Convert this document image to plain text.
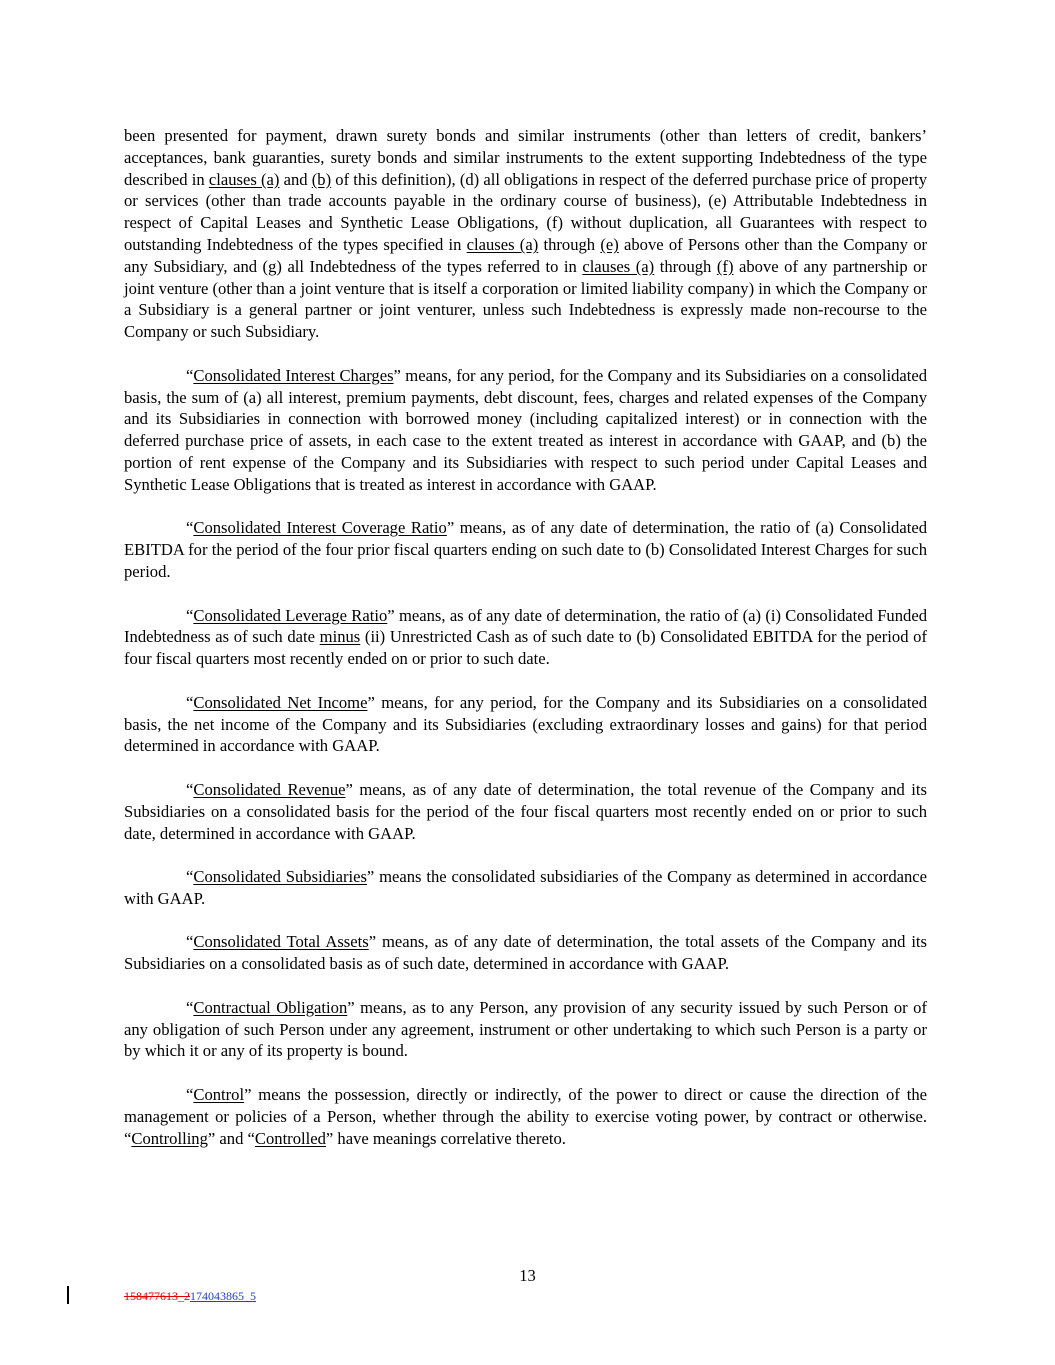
been presented for payment, drawn surety bonds and similar instruments (other than letters of credit, bankers’ acceptances, bank guaranties, surety bonds and similar instruments to the extent supporting Indebtedness of the type described in clauses (a) and (b) of this definition), (d) all obligations in respect of the deferred purchase price of property or services (other than trade accounts payable in the ordinary course of business), (e) Attributable Indebtedness in respect of Capital Leases and Synthetic Lease Obligations, (f) without duplication, all Guarantees with respect to outstanding Indebtedness of the types specified in clauses (a) through (e) above of Persons other than the Company or any Subsidiary, and (g) all Indebtedness of the types referred to in clauses (a) through (f) above of any partnership or joint venture (other than a joint venture that is itself a corporation or limited liability company) in which the Company or a Subsidiary is a general partner or joint venturer, unless such Indebtedness is expressly made non-recourse to the Company or such Subsidiary.

“Consolidated Interest Charges” means, for any period, for the Company and its Subsidiaries on a consolidated basis, the sum of (a) all interest, premium payments, debt discount, fees, charges and related expenses of the Company and its Subsidiaries in connection with borrowed money (including capitalized interest) or in connection with the deferred purchase price of assets, in each case to the extent treated as interest in accordance with GAAP, and (b) the portion of rent expense of the Company and its Subsidiaries with respect to such period under Capital Leases and Synthetic Lease Obligations that is treated as interest in accordance with GAAP.

“Consolidated Interest Coverage Ratio” means, as of any date of determination, the ratio of (a) Consolidated EBITDA for the period of the four prior fiscal quarters ending on such date to (b) Consolidated Interest Charges for such period.

“Consolidated Leverage Ratio” means, as of any date of determination, the ratio of (a) (i) Consolidated Funded Indebtedness as of such date minus (ii) Unrestricted Cash as of such date to (b) Consolidated EBITDA for the period of four fiscal quarters most recently ended on or prior to such date.

“Consolidated Net Income” means, for any period, for the Company and its Subsidiaries on a consolidated basis, the net income of the Company and its Subsidiaries (excluding extraordinary losses and gains) for that period determined in accordance with GAAP.

“Consolidated Revenue” means, as of any date of determination, the total revenue of the Company and its Subsidiaries on a consolidated basis for the period of the four fiscal quarters most recently ended on or prior to such date, determined in accordance with GAAP.

“Consolidated Subsidiaries” means the consolidated subsidiaries of the Company as determined in accordance with GAAP.

“Consolidated Total Assets” means, as of any date of determination, the total assets of the Company and its Subsidiaries on a consolidated basis as of such date, determined in accordance with GAAP.

“Contractual Obligation” means, as to any Person, any provision of any security issued by such Person or of any obligation of such Person under any agreement, instrument or other undertaking to which such Person is a party or by which it or any of its property is bound.

“Control” means the possession, directly or indirectly, of the power to direct or cause the direction of the management or policies of a Person, whether through the ability to exercise voting power, by contract or otherwise. “Controlling” and “Controlled” have meanings correlative thereto.

13
158477613_2174043865_5
